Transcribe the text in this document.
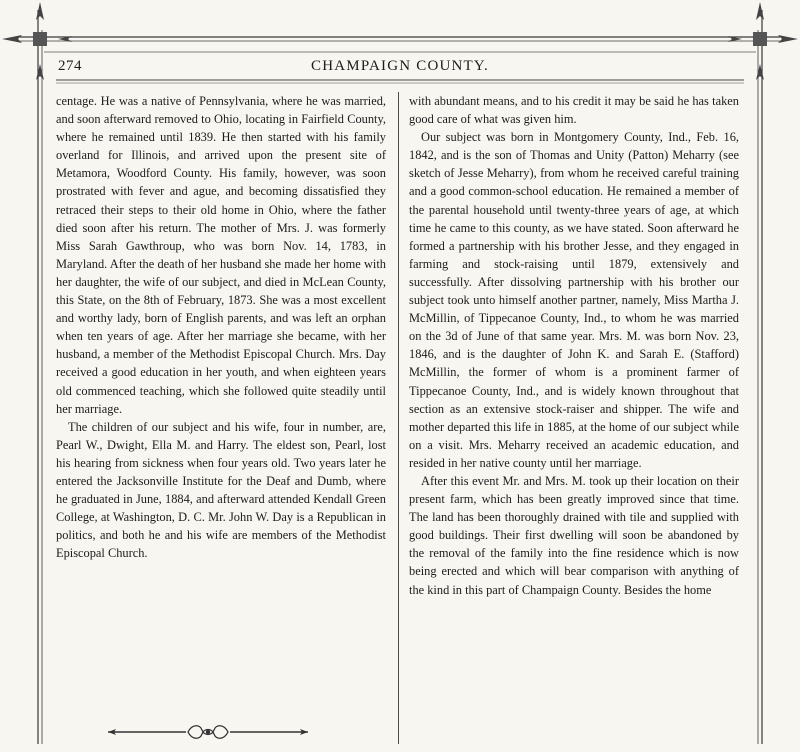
274	CHAMPAIGN COUNTY.

centage. He was a native of Pennsylvania, where he was married, and soon afterward removed to Ohio, locating in Fairfield County, where he remained until 1839. He then started with his family overland for Illinois, and arrived upon the present site of Metamora, Woodford County. His family, however, was soon prostrated with fever and ague, and becoming dissatisfied they retraced their steps to their old home in Ohio, where the father died soon after his return. The mother of Mrs. J. was formerly Miss Sarah Gawthroup, who was born Nov. 14, 1783, in Maryland. After the death of her husband she made her home with her daughter, the wife of our subject, and died in McLean County, this State, on the 8th of February, 1873. She was a most excellent and worthy lady, born of English parents, and was left an orphan when ten years of age. After her marriage she became, with her husband, a member of the Methodist Episcopal Church. Mrs. Day received a good education in her youth, and when eighteen years old commenced teaching, which she followed quite steadily until her marriage.

The children of our subject and his wife, four in number, are, Pearl W., Dwight, Ella M. and Harry. The eldest son, Pearl, lost his hearing from sickness when four years old. Two years later he entered the Jacksonville Institute for the Deaf and Dumb, where he graduated in June, 1884, and afterward attended Kendall Green College, at Washington, D. C. Mr. John W. Day is a Republican in politics, and both he and his wife are members of the Methodist Episcopal Church.

with abundant means, and to his credit it may be said he has taken good care of what was given him.

Our subject was born in Montgomery County, Ind., Feb. 16, 1842, and is the son of Thomas and Unity (Patton) Meharry (see sketch of Jesse Meharry), from whom he received careful training and a good common-school education. He remained a member of the parental household until twenty-three years of age, at which time he came to this county, as we have stated. Soon afterward he formed a partnership with his brother Jesse, and they engaged in farming and stock-raising until 1879, extensively and successfully. After dissolving partnership with his brother our subject took unto himself another partner, namely, Miss Martha J. McMillin, of Tippecanoe County, Ind., to whom he was married on the 3d of June of that same year. Mrs. M. was born Nov. 23, 1846, and is the daughter of John K. and Sarah E. (Stafford) McMillin, the former of whom is a prominent farmer of Tippecanoe County, Ind., and is widely known throughout that section as an extensive stock-raiser and shipper. The wife and mother departed this life in 1885, at the home of our subject while on a visit. Mrs. Meharry received an academic education, and resided in her native county until her marriage.

After this event Mr. and Mrs. M. took up their location on their present farm, which has been greatly improved since that time. The land has been thoroughly drained with tile and supplied with good buildings. Their first dwelling will soon be abandoned by the removal of the family into the fine residence which is now being erected and which will bear comparison with anything of the kind in this part of Champaign County. Besides the home
